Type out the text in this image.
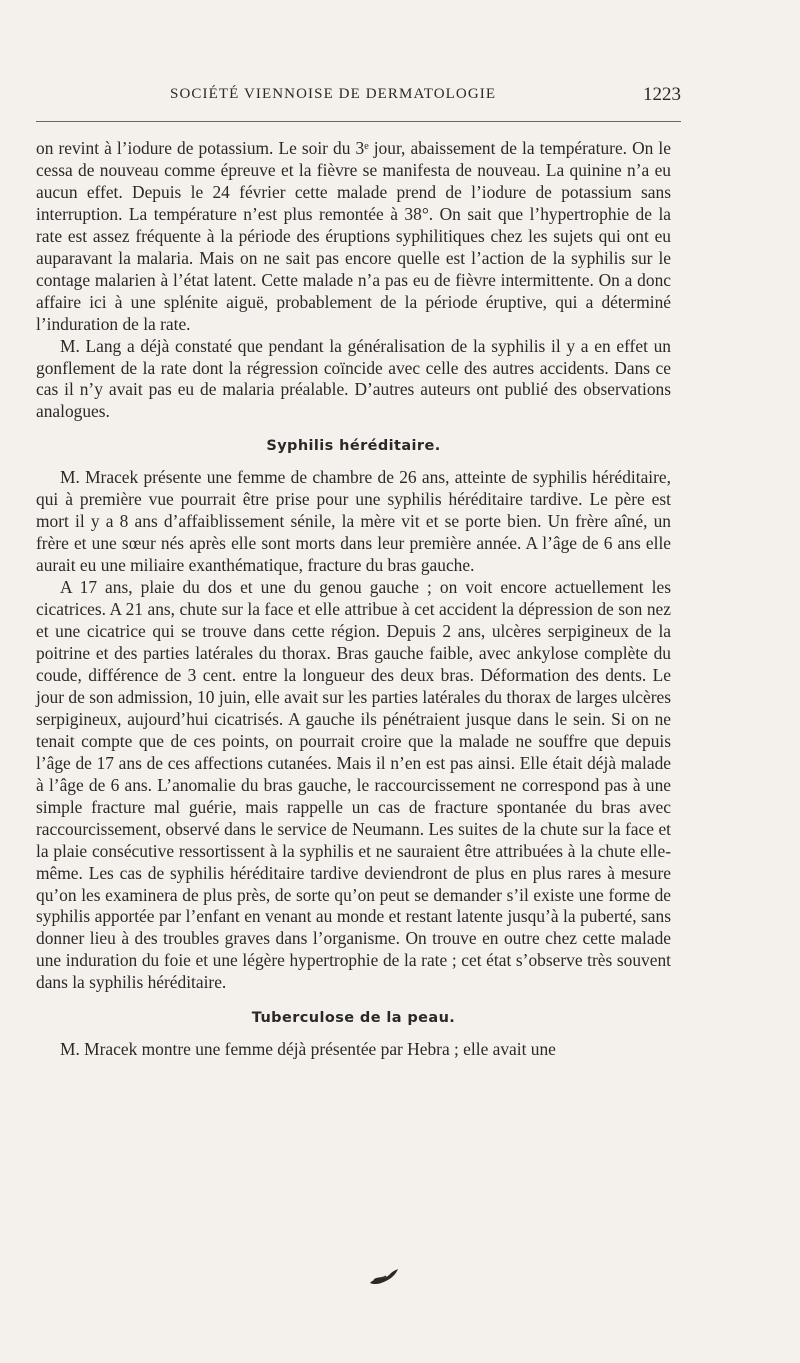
SOCIÉTÉ VIENNOISE DE DERMATOLOGIE	1223

on revint à l’iodure de potassium. Le soir du 3ᵉ jour, abaissement de la température. On le cessa de nouveau comme épreuve et la fièvre se manifesta de nouveau. La quinine n’a eu aucun effet. Depuis le 24 février cette malade prend de l’iodure de potassium sans interruption. La température n’est plus remontée à 38°. On sait que l’hypertrophie de la rate est assez fréquente à la période des éruptions syphilitiques chez les sujets qui ont eu auparavant la malaria. Mais on ne sait pas encore quelle est l’action de la syphilis sur le contage malarien à l’état latent. Cette malade n’a pas eu de fièvre intermittente. On a donc affaire ici à une splénite aiguë, probablement de la période éruptive, qui a déterminé l’induration de la rate.

M. Lang a déjà constaté que pendant la généralisation de la syphilis il y a en effet un gonflement de la rate dont la régression coïncide avec celle des autres accidents. Dans ce cas il n’y avait pas eu de malaria préalable. D’autres auteurs ont publié des observations analogues.

Syphilis héréditaire.

M. Mracek présente une femme de chambre de 26 ans, atteinte de syphilis héréditaire, qui à première vue pourrait être prise pour une syphilis héréditaire tardive. Le père est mort il y a 8 ans d’affaiblissement sénile, la mère vit et se porte bien. Un frère aîné, un frère et une sœur nés après elle sont morts dans leur première année. A l’âge de 6 ans elle aurait eu une miliaire exanthématique, fracture du bras gauche.

A 17 ans, plaie du dos et une du genou gauche ; on voit encore actuellement les cicatrices. A 21 ans, chute sur la face et elle attribue à cet accident la dépression de son nez et une cicatrice qui se trouve dans cette région. Depuis 2 ans, ulcères serpigineux de la poitrine et des parties latérales du thorax. Bras gauche faible, avec ankylose complète du coude, différence de 3 cent. entre la longueur des deux bras. Déformation des dents. Le jour de son admission, 10 juin, elle avait sur les parties latérales du thorax de larges ulcères serpigineux, aujourd’hui cicatrisés. A gauche ils pénétraient jusque dans le sein. Si on ne tenait compte que de ces points, on pourrait croire que la malade ne souffre que depuis l’âge de 17 ans de ces affections cutanées. Mais il n’en est pas ainsi. Elle était déjà malade à l’âge de 6 ans. L’anomalie du bras gauche, le raccourcissement ne correspond pas à une simple fracture mal guérie, mais rappelle un cas de fracture spontanée du bras avec raccourcissement, observé dans le service de Neumann. Les suites de la chute sur la face et la plaie consécutive ressortissent à la syphilis et ne sauraient être attribuées à la chute elle-même. Les cas de syphilis héréditaire tardive deviendront de plus en plus rares à mesure qu’on les examinera de plus près, de sorte qu’on peut se demander s’il existe une forme de syphilis apportée par l’enfant en venant au monde et restant latente jusqu’à la puberté, sans donner lieu à des troubles graves dans l’organisme. On trouve en outre chez cette malade une induration du foie et une légère hypertrophie de la rate ; cet état s’observe très souvent dans la syphilis héréditaire.

Tuberculose de la peau.

M. Mracek montre une femme déjà présentée par Hebra ; elle avait une
